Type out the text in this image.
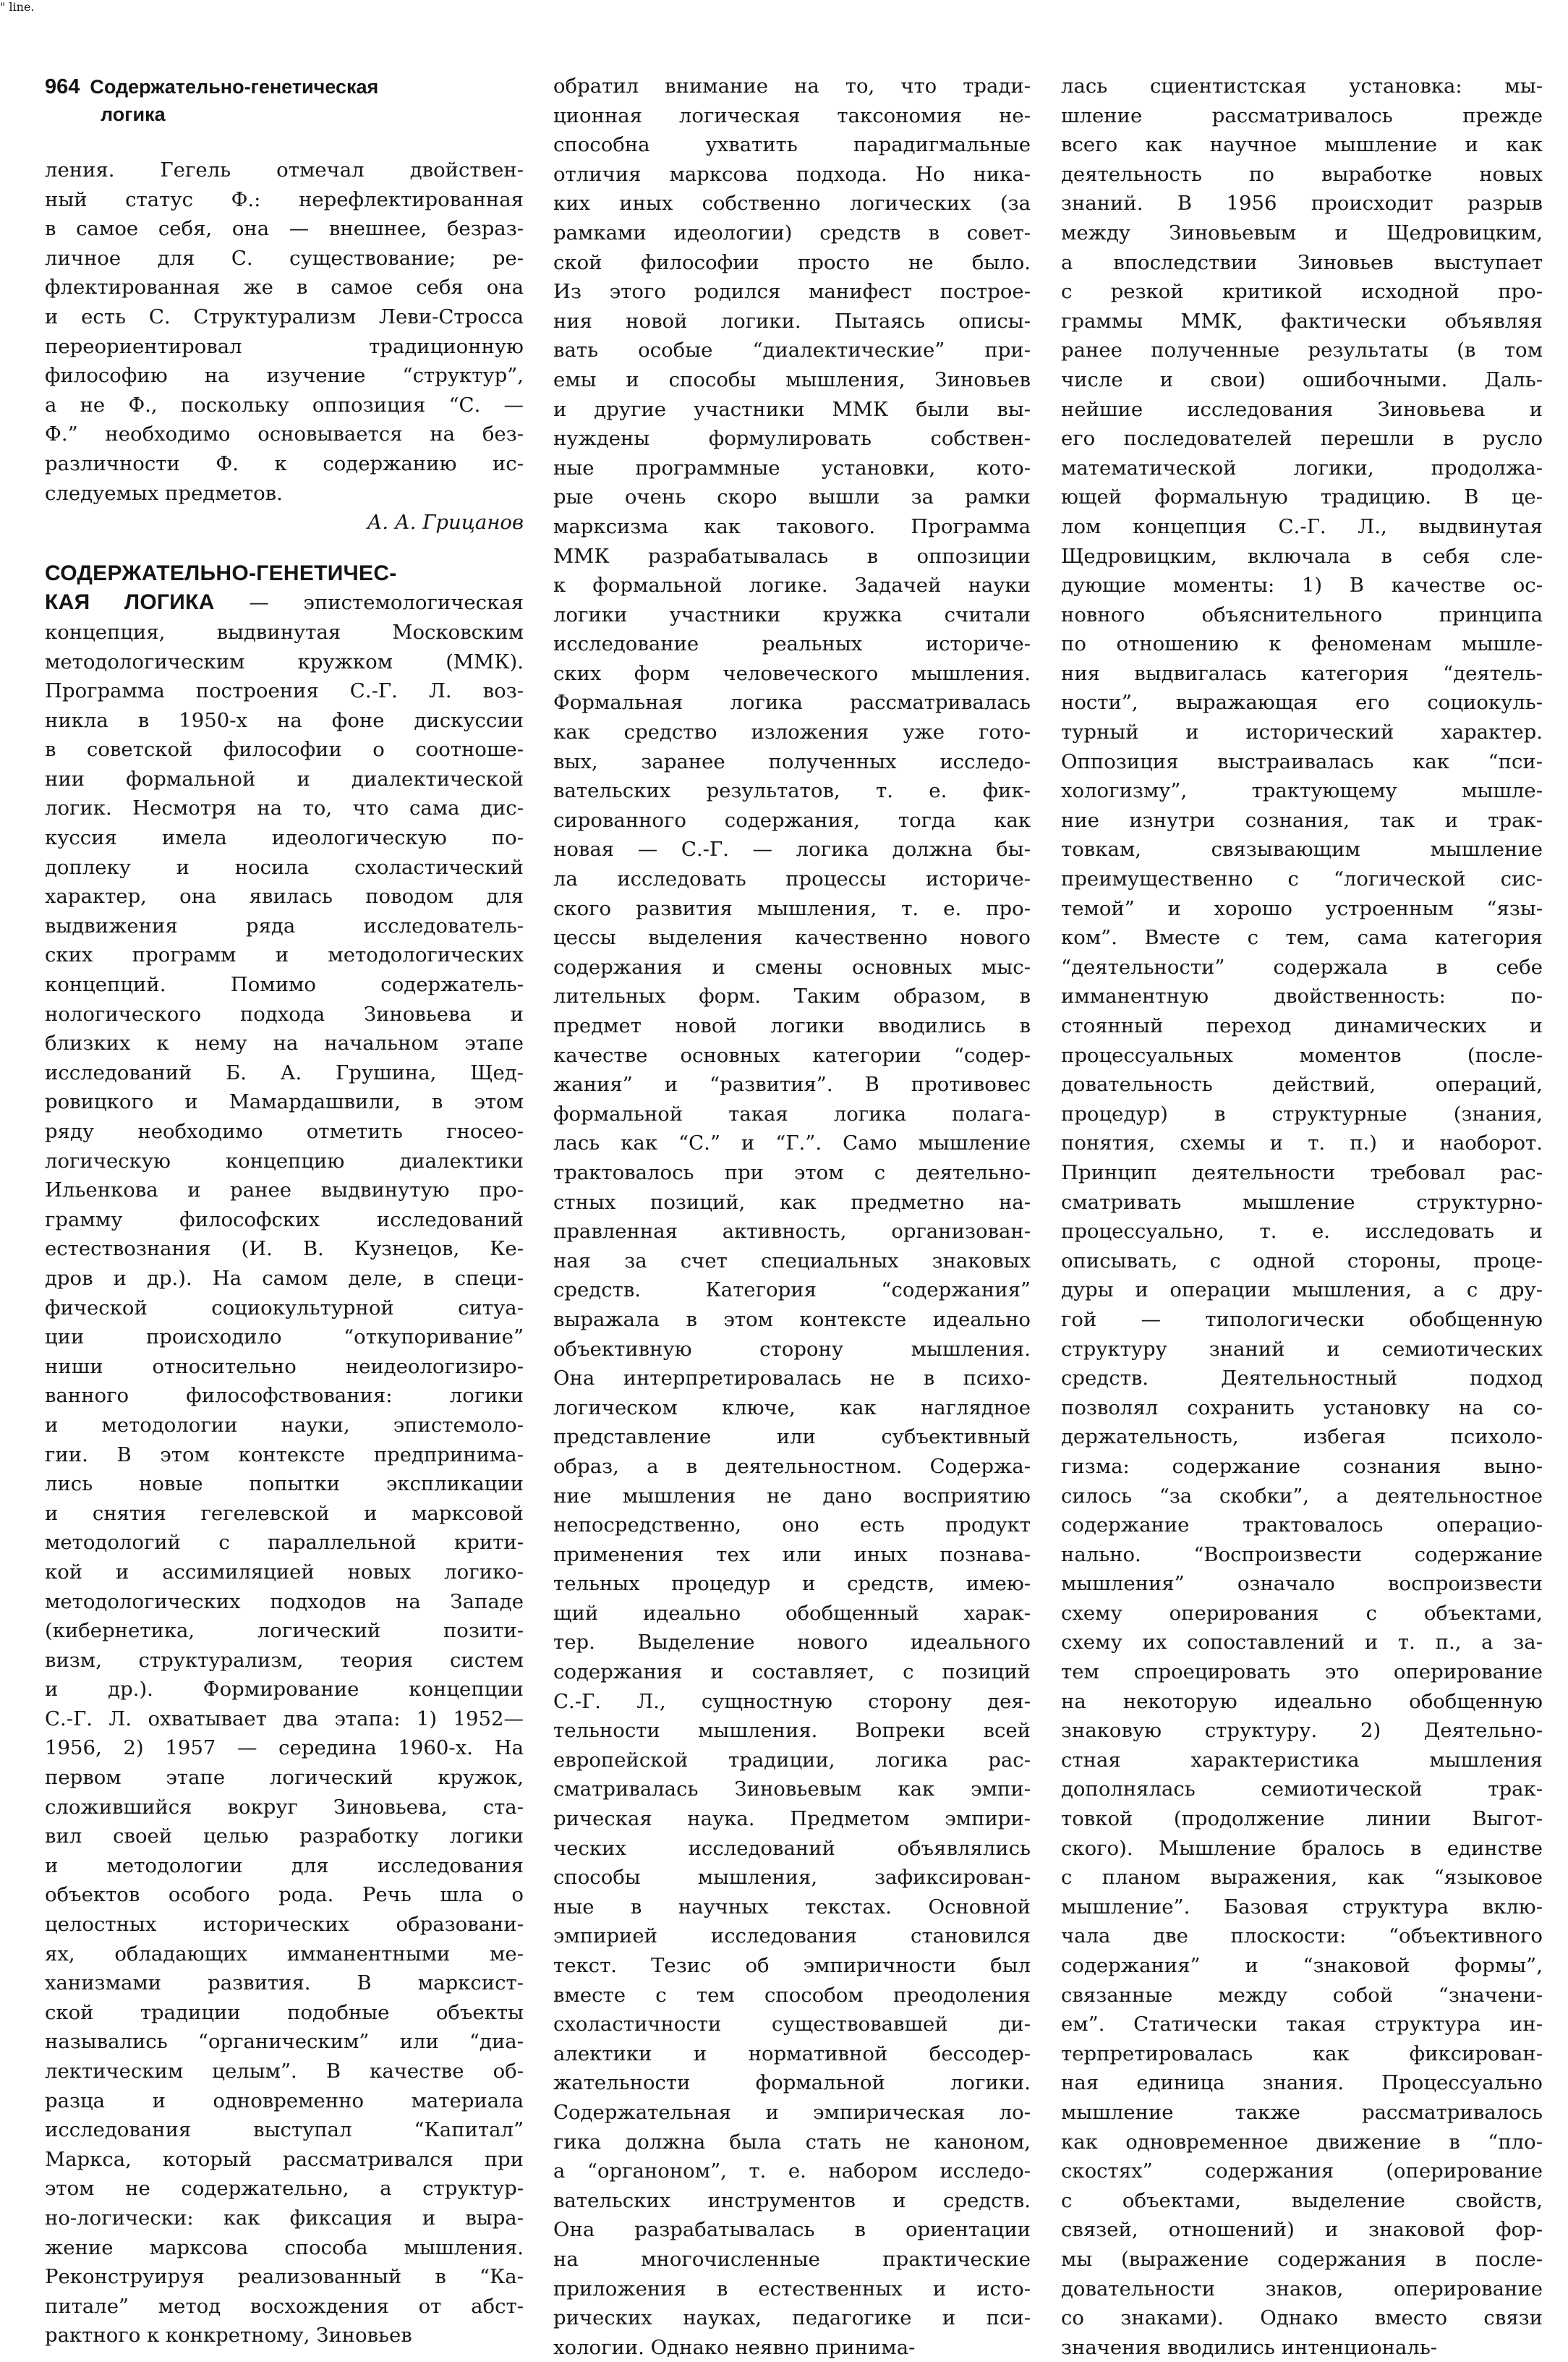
" line.
964 Содержательно-генетическая
логика

ления. Гегель отмечал двойствен-

ный статус Ф.: нерефлектированная

в самое себя, она — внешнее, безраз-

личное для С. существование; ре-

флектированная же в самое себя она

и есть С. Структурализм Леви-Стросса

переориентировал традиционную

философию на изучение “структур”,

а не Ф., поскольку оппозиция “С. —

Ф.” необходимо основывается на без-

различности Ф. к содержанию ис-

следуемых предметов.

А. А. Грицанов

СОДЕРЖАТЕЛЬНО-ГЕНЕТИЧЕС-

КАЯ ЛОГИКА — эпистемологическая

концепция, выдвинутая Московским

методологическим кружком (ММК).

Программа построения С.-Г. Л. воз-

никла в 1950-х на фоне дискуссии

в советской философии о соотноше-

нии формальной и диалектической

логик. Несмотря на то, что сама дис-

куссия имела идеологическую по-

доплеку и носила схоластический

характер, она явилась поводом для

выдвижения ряда исследователь-

ских программ и методологических

концепций. Помимо содержатель-

нологического подхода Зиновьева и

близких к нему на начальном этапе

исследований Б. А. Грушина, Щед-

ровицкого и Мамардашвили, в этом

ряду необходимо отметить гносео-

логическую концепцию диалектики

Ильенкова и ранее выдвинутую про-

грамму философских исследований

естествознания (И. В. Кузнецов, Ке-

дров и др.). На самом деле, в специ-

фической социокультурной ситуа-

ции происходило “откупоривание”

ниши относительно неидеологизиро-

ванного философствования: логики

и методологии науки, эпистемоло-

гии. В этом контексте предпринима-

лись новые попытки экспликации

и снятия гегелевской и марксовой

методологий с параллельной крити-

кой и ассимиляцией новых логико-

методологических подходов на Западе

(кибернетика, логический позити-

визм, структурализм, теория систем

и др.). Формирование концепции

С.-Г. Л. охватывает два этапа: 1) 1952—

1956, 2) 1957 — середина 1960-х. На

первом этапе логический кружок,

сложившийся вокруг Зиновьева, ста-

вил своей целью разработку логики

и методологии для исследования

объектов особого рода. Речь шла о

целостных исторических образовани-

ях, обладающих имманентными ме-

ханизмами развития. В марксист-

ской традиции подобные объекты

назывались “органическим” или “диа-

лектическим целым”. В качестве об-

разца и одновременно материала

исследования выступал “Капитал”

Маркса, который рассматривался при

этом не содержательно, а структур-

но-логически: как фиксация и выра-

жение марксова способа мышления.

Реконструируя реализованный в “Ка-

питале” метод восхождения от абст-

рактного к конкретному, Зиновьев

обратил внимание на то, что тради-

ционная логическая таксономия не-

способна ухватить парадигмальные

отличия марксова подхода. Но ника-

ких иных собственно логических (за

рамками идеологии) средств в совет-

ской философии просто не было.

Из этого родился манифест построе-

ния новой логики. Пытаясь описы-

вать особые “диалектические” при-

емы и способы мышления, Зиновьев

и другие участники ММК были вы-

нуждены формулировать собствен-

ные программные установки, кото-

рые очень скоро вышли за рамки

марксизма как такового. Программа

ММК разрабатывалась в оппозиции

к формальной логике. Задачей науки

логики участники кружка считали

исследование реальных историче-

ских форм человеческого мышления.

Формальная логика рассматривалась

как средство изложения уже гото-

вых, заранее полученных исследо-

вательских результатов, т. е. фик-

сированного содержания, тогда как

новая — С.-Г. — логика должна бы-

ла исследовать процессы историче-

ского развития мышления, т. е. про-

цессы выделения качественно нового

содержания и смены основных мыс-

лительных форм. Таким образом, в

предмет новой логики вводились в

качестве основных категории “содер-

жания” и “развития”. В противовес

формальной такая логика полага-

лась как “С.” и “Г.”. Само мышление

трактовалось при этом с деятельно-

стных позиций, как предметно на-

правленная активность, организован-

ная за счет специальных знаковых

средств. Категория “содержания”

выражала в этом контексте идеально

объективную сторону мышления.

Она интерпретировалась не в психо-

логическом ключе, как наглядное

представление или субъективный

образ, а в деятельностном. Содержа-

ние мышления не дано восприятию

непосредственно, оно есть продукт

применения тех или иных познава-

тельных процедур и средств, имею-

щий идеально обобщенный харак-

тер. Выделение нового идеального

содержания и составляет, с позиций

С.-Г. Л., сущностную сторону дея-

тельности мышления. Вопреки всей

европейской традиции, логика рас-

сматривалась Зиновьевым как эмпи-

рическая наука. Предметом эмпири-

ческих исследований объявлялись

способы мышления, зафиксирован-

ные в научных текстах. Основной

эмпирией исследования становился

текст. Тезис об эмпиричности был

вместе с тем способом преодоления

схоластичности существовавшей ди-

алектики и нормативной бессодер-

жательности формальной логики.

Содержательная и эмпирическая ло-

гика должна была стать не каноном,

а “органоном”, т. е. набором исследо-

вательских инструментов и средств.

Она разрабатывалась в ориентации

на многочисленные практические

приложения в естественных и исто-

рических науках, педагогике и пси-

хологии. Однако неявно принима-

лась сциентистская установка: мы-

шление рассматривалось прежде

всего как научное мышление и как

деятельность по выработке новых

знаний. В 1956 происходит разрыв

между Зиновьевым и Щедровицким,

а впоследствии Зиновьев выступает

с резкой критикой исходной про-

граммы ММК, фактически объявляя

ранее полученные результаты (в том

числе и свои) ошибочными. Даль-

нейшие исследования Зиновьева и

его последователей перешли в русло

математической логики, продолжа-

ющей формальную традицию. В це-

лом концепция С.-Г. Л., выдвинутая

Щедровицким, включала в себя сле-

дующие моменты: 1) В качестве ос-

новного объяснительного принципа

по отношению к феноменам мышле-

ния выдвигалась категория “деятель-

ности”, выражающая его социокуль-

турный и исторический характер.

Оппозиция выстраивалась как “пси-

хологизму”, трактующему мышле-

ние изнутри сознания, так и трак-

товкам, связывающим мышление

преимущественно с “логической сис-

темой” и хорошо устроенным “язы-

ком”. Вместе с тем, сама категория

“деятельности” содержала в себе

имманентную двойственность: по-

стоянный переход динамических и

процессуальных моментов (после-

довательность действий, операций,

процедур) в структурные (знания,

понятия, схемы и т. п.) и наоборот.

Принцип деятельности требовал рас-

сматривать мышление структурно-

процессуально, т. е. исследовать и

описывать, с одной стороны, проце-

дуры и операции мышления, а с дру-

гой — типологически обобщенную

структуру знаний и семиотических

средств. Деятельностный подход

позволял сохранить установку на со-

держательность, избегая психоло-

гизма: содержание сознания выно-

силось “за скобки”, а деятельностное

содержание трактовалось операцио-

нально. “Воспроизвести содержание

мышления” означало воспроизвести

схему оперирования с объектами,

схему их сопоставлений и т. п., а за-

тем спроецировать это оперирование

на некоторую идеально обобщенную

знаковую структуру. 2) Деятельно-

стная характеристика мышления

дополнялась семиотической трак-

товкой (продолжение линии Выгот-

ского). Мышление бралось в единстве

с планом выражения, как “языковое

мышление”. Базовая структура вклю-

чала две плоскости: “объективного

содержания” и “знаковой формы”,

связанные между собой “значени-

ем”. Статически такая структура ин-

терпретировалась как фиксирован-

ная единица знания. Процессуально

мышление также рассматривалось

как одновременное движение в “пло-

скостях” содержания (оперирование

с объектами, выделение свойств,

связей, отношений) и знаковой фор-

мы (выражение содержания в после-

довательности знаков, оперирование

со знаками). Однако вместо связи

значения вводились интенциональ-
